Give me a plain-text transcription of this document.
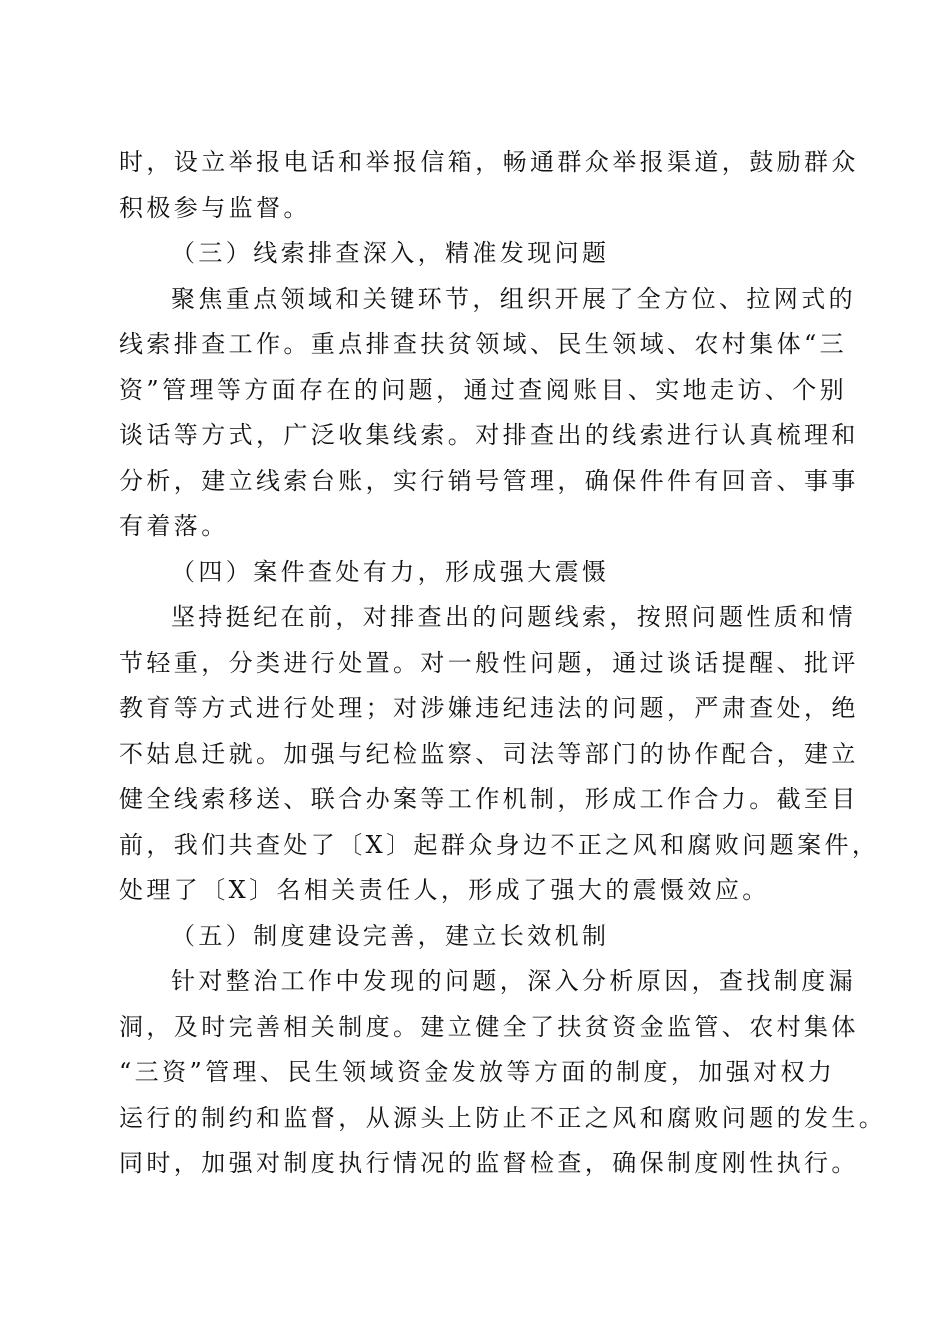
时，设立举报电话和举报信箱，畅通群众举报渠道，鼓励群众
积极参与监督。
（三）线索排查深入，精准发现问题
聚焦重点领域和关键环节，组织开展了全方位、拉网式的
线索排查工作。重点排查扶贫领域、民生领域、农村集体“三
资”管理等方面存在的问题，通过查阅账目、实地走访、个别
谈话等方式，广泛收集线索。对排查出的线索进行认真梳理和
分析，建立线索台账，实行销号管理，确保件件有回音、事事
有着落。
（四）案件查处有力，形成强大震慑
坚持挺纪在前，对排查出的问题线索，按照问题性质和情
节轻重，分类进行处置。对一般性问题，通过谈话提醒、批评
教育等方式进行处理；对涉嫌违纪违法的问题，严肃查处，绝
不姑息迁就。加强与纪检监察、司法等部门的协作配合，建立
健全线索移送、联合办案等工作机制，形成工作合力。截至目
前，我们共查处了〔X〕起群众身边不正之风和腐败问题案件，
处理了〔X〕名相关责任人，形成了强大的震慑效应。
（五）制度建设完善，建立长效机制
针对整治工作中发现的问题，深入分析原因，查找制度漏
洞，及时完善相关制度。建立健全了扶贫资金监管、农村集体
“三资”管理、民生领域资金发放等方面的制度，加强对权力
运行的制约和监督，从源头上防止不正之风和腐败问题的发生。
同时，加强对制度执行情况的监督检查，确保制度刚性执行。
